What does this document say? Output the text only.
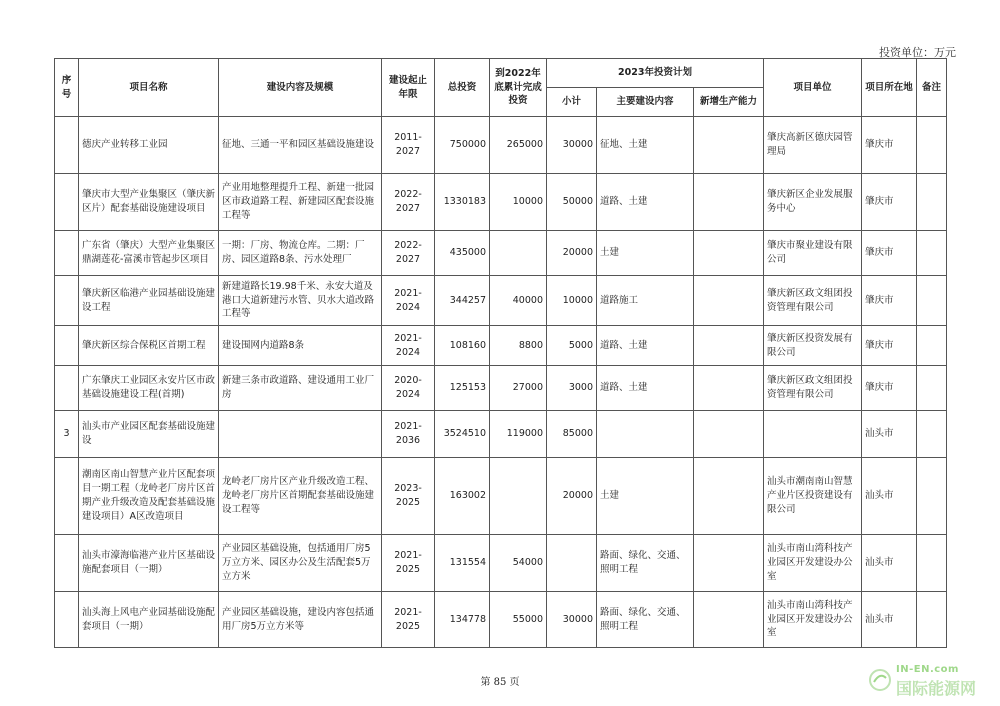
投资单位：万元
序号	项目名称	建设内容及规模	建设起止年限	总投资	到2022年底累计完成投资	2023年投资计划			项目单位	项目所在地	备注
						小计	主要建设内容	新增生产能力			
	德庆产业转移工业园	征地、三通一平和园区基础设施建设	2011-2027	750000	265000	30000	征地、土建		肇庆高新区德庆园管理局	肇庆市	
	肇庆市大型产业集聚区（肇庆新区片）配套基础设施建设项目	产业用地整理提升工程、新建一批园区市政道路工程、新建园区配套设施工程等	2022-2027	1330183	10000	50000	道路、土建		肇庆新区企业发展服务中心	肇庆市	
	广东省（肇庆）大型产业集聚区鼎湖莲花-富溪市管起步区项目	一期：厂房、物流仓库。二期：厂房、园区道路8条、污水处理厂	2022-2027	435000		20000	土建		肇庆市聚业建设有限公司	肇庆市	
	肇庆新区临港产业园基础设施建设工程	新建道路长19.98千米、永安大道及港口大道新建污水管、贝水大道改路工程等	2021-2024	344257	40000	10000	道路施工		肇庆新区政文组团投资管理有限公司	肇庆市	
	肇庆新区综合保税区首期工程	建设围网内道路8条	2021-2024	108160	8800	5000	道路、土建		肇庆新区投资发展有限公司	肇庆市	
	广东肇庆工业园区永安片区市政基础设施建设工程(首期)	新建三条市政道路、建设通用工业厂房	2020-2024	125153	27000	3000	道路、土建		肇庆新区政文组团投资管理有限公司	肇庆市	
3	汕头市产业园区配套基础设施建设		2021-2036	3524510	119000	85000				汕头市	
	潮南区南山智慧产业片区配套项目一期工程（龙岭老厂房片区首期产业升级改造及配套基础设施建设项目）A区改造项目	龙岭老厂房片区产业升级改造工程、龙岭老厂房片区首期配套基础设施建设工程等	2023-2025	163002		20000	土建		汕头市潮南南山智慧产业片区投资建设有限公司	汕头市	
	汕头市濠海临港产业片区基础设施配套项目（一期）	产业园区基础设施，包括通用厂房5万立方米、园区办公及生活配套5万立方米	2021-2025	131554	54000		路面、绿化、交通、照明工程		汕头市南山湾科技产业园区开发建设办公室	汕头市	
	汕头海上风电产业园基础设施配套项目（一期）	产业园区基础设施，建设内容包括通用厂房5万立方米等	2021-2025	134778	55000	30000	路面、绿化、交通、照明工程		汕头市南山湾科技产业园区开发建设办公室	汕头市	
第 85 页
IN-EN.com
国际能源网
